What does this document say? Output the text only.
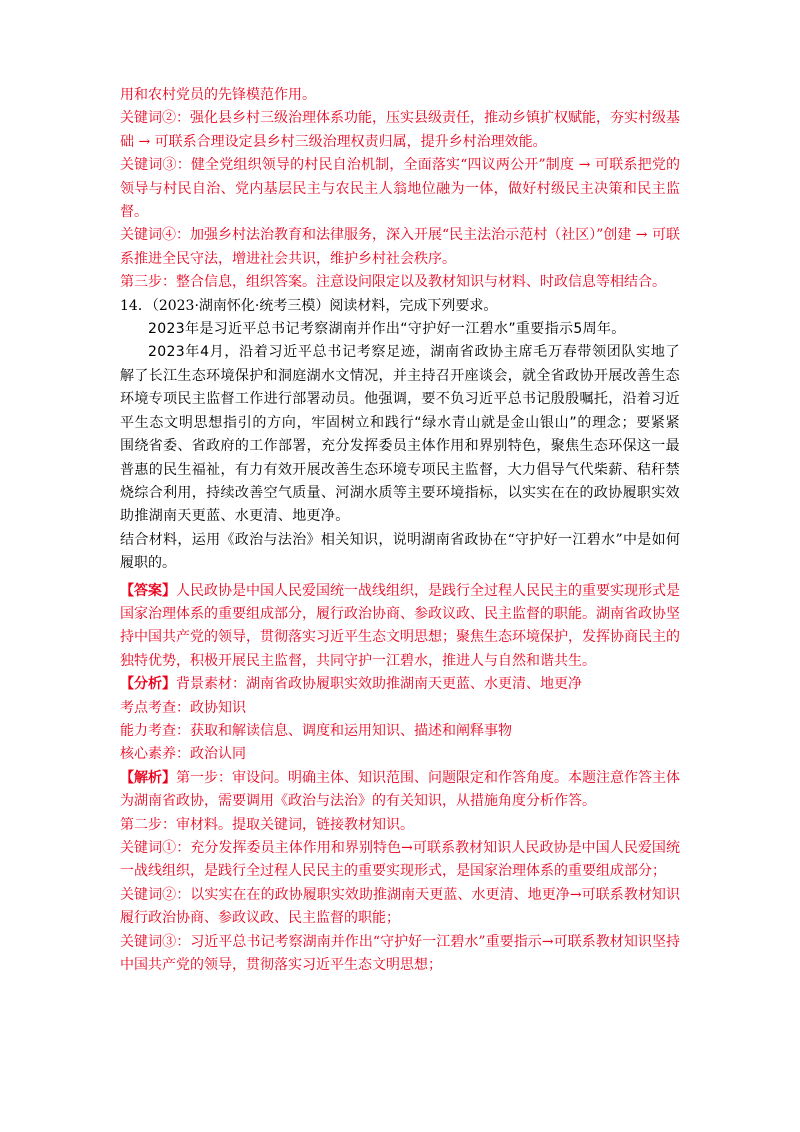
用和农村党员的先锋模范作用。

关键词②：强化县乡村三级治理体系功能，压实县级责任，推动乡镇扩权赋能，夯实村级基础 → 可联系合理设定县乡村三级治理权责归属，提升乡村治理效能。

关键词③：健全党组织领导的村民自治机制，全面落实“四议两公开”制度 → 可联系把党的领导与村民自治、党内基层民主与农民主人翁地位融为一体，做好村级民主决策和民主监督。

关键词④：加强乡村法治教育和法律服务，深入开展“民主法治示范村（社区）”创建 → 可联系推进全民守法，增进社会共识，维护乡村社会秩序。

第三步：整合信息，组织答案。注意设问限定以及教材知识与材料、时政信息等相结合。

14．（2023·湖南怀化·统考三模）阅读材料，完成下列要求。

2023年是习近平总书记考察湖南并作出“守护好一江碧水”重要指示5周年。

2023年4月，沿着习近平总书记考察足迹，湖南省政协主席毛万春带领团队实地了解了长江生态环境保护和洞庭湖水文情况，并主持召开座谈会，就全省政协开展改善生态环境专项民主监督工作进行部署动员。他强调，要不负习近平总书记殷殷嘱托，沿着习近平生态文明思想指引的方向，牢固树立和践行“绿水青山就是金山银山”的理念；要紧紧围绕省委、省政府的工作部署，充分发挥委员主体作用和界别特色，聚焦生态环保这一最普惠的民生福祉，有力有效开展改善生态环境专项民主监督，大力倡导气代柴薪、秸秆禁烧综合利用，持续改善空气质量、河湖水质等主要环境指标，以实实在在的政协履职实效助推湖南天更蓝、水更清、地更净。

结合材料，运用《政治与法治》相关知识，说明湖南省政协在“守护好一江碧水”中是如何履职的。

【答案】人民政协是中国人民爱国统一战线组织，是践行全过程人民民主的重要实现形式是国家治理体系的重要组成部分，履行政治协商、参政议政、民主监督的职能。湖南省政协坚持中国共产党的领导，贯彻落实习近平生态文明思想；聚焦生态环境保护，发挥协商民主的独特优势，积极开展民主监督，共同守护一江碧水，推进人与自然和谐共生。

【分析】背景素材：湖南省政协履职实效助推湖南天更蓝、水更清、地更净

考点考查：政协知识

能力考查：获取和解读信息、调度和运用知识、描述和阐释事物

核心素养：政治认同

【解析】第一步：审设问。明确主体、知识范围、问题限定和作答角度。本题注意作答主体为湖南省政协，需要调用《政治与法治》的有关知识，从措施角度分析作答。

第二步：审材料。提取关键词，链接教材知识。

关键词①：充分发挥委员主体作用和界别特色→可联系教材知识人民政协是中国人民爱国统一战线组织，是践行全过程人民民主的重要实现形式，是国家治理体系的重要组成部分；

关键词②：以实实在在的政协履职实效助推湖南天更蓝、水更清、地更净→可联系教材知识履行政治协商、参政议政、民主监督的职能；

关键词③：习近平总书记考察湖南并作出“守护好一江碧水”重要指示→可联系教材知识坚持中国共产党的领导，贯彻落实习近平生态文明思想；
